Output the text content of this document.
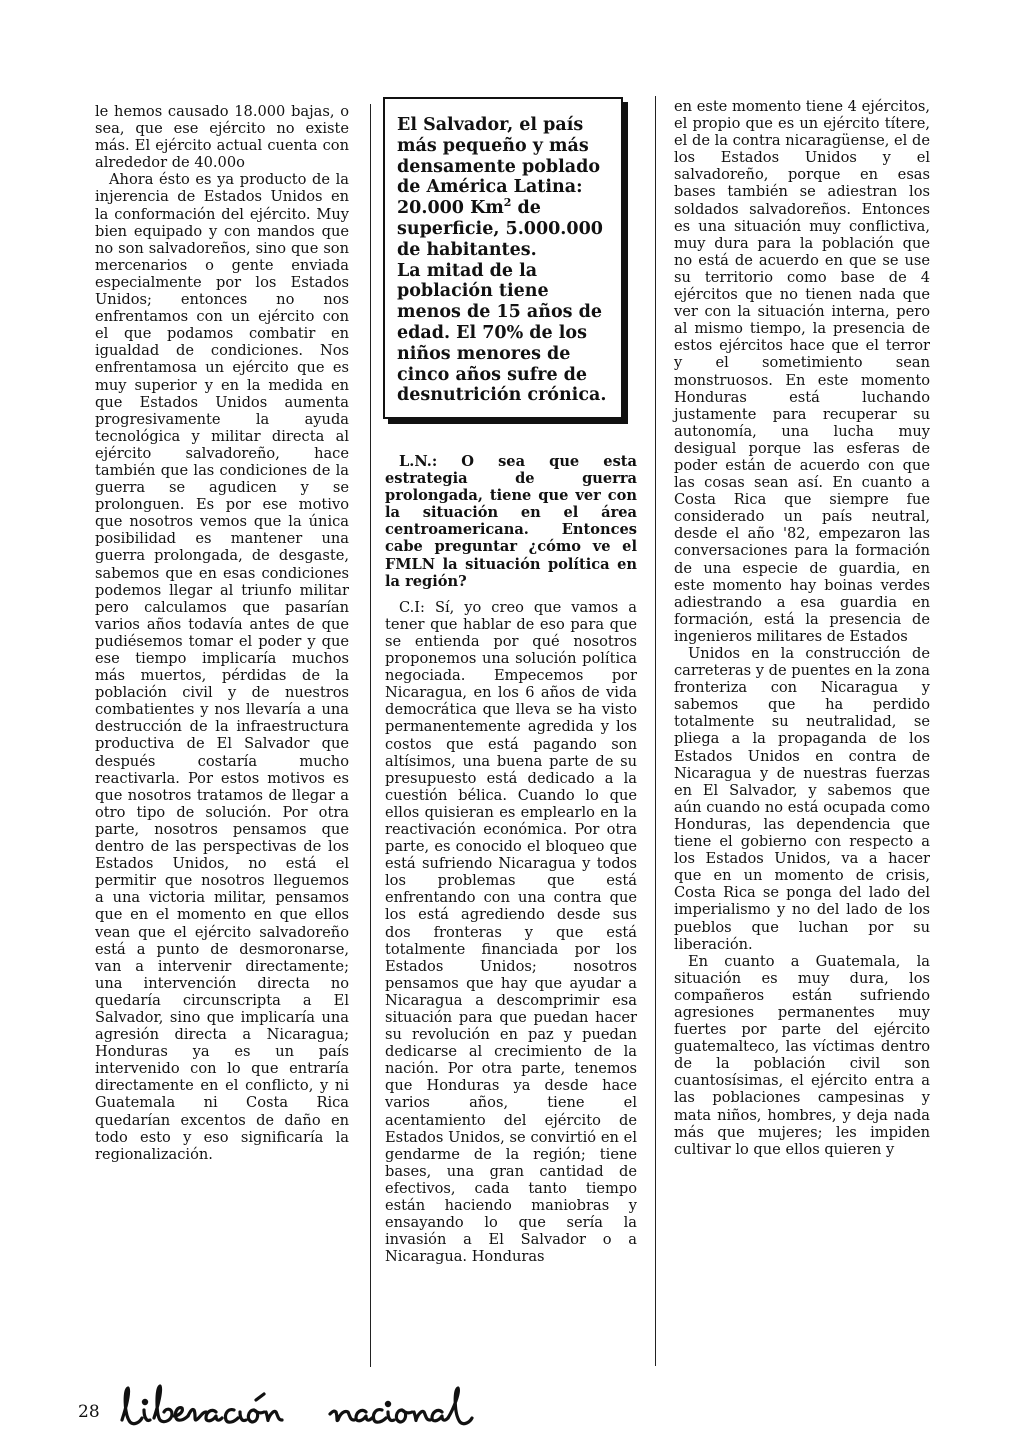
le hemos causado 18.000 bajas, o sea, que ese ejército no existe más. El ejército actual cuenta con alrededor de 40.00o

Ahora ésto es ya producto de la injerencia de Estados Unidos en la conformación del ejército. Muy bien equipado y con mandos que no son salvadoreños, sino que son mercenarios o gente enviada especialmente por los Estados Unidos; entonces no nos enfrentamos con un ejército con el que podamos combatir en igualdad de condiciones. Nos enfrentamosa un ejército que es muy superior y en la medida en que Estados Unidos aumenta progresivamente la ayuda tecnológica y militar directa al ejército salvadoreño, hace también que las condiciones de la guerra se agudicen y se prolonguen. Es por ese motivo que nosotros vemos que la única posibilidad es mantener una guerra prolongada, de desgaste, sabemos que en esas condiciones podemos llegar al triunfo militar pero calculamos que pasarían varios años todavía antes de que pudiésemos tomar el poder y que ese tiempo implicaría muchos más muertos, pérdidas de la población civil y de nuestros combatientes y nos llevaría a una destrucción de la infraestructura productiva de El Salvador que después costaría mucho reactivarla. Por estos motivos es que nosotros tratamos de llegar a otro tipo de solución. Por otra parte, nosotros pensamos que dentro de las perspectivas de los Estados Unidos, no está el permitir que nosotros lleguemos a una victoria militar, pensamos que en el momento en que ellos vean que el ejército salvadoreño está a punto de desmoronarse, van a intervenir directamente; una intervención directa no quedaría circunscripta a El Salvador, sino que implicaría una agresión directa a Nicaragua; Honduras ya es un país intervenido con lo que entraría directamente en el conflicto, y ni Guatemala ni Costa Rica quedarían excentos de daño en todo esto y eso significaría la regionalización.

El Salvador, el país más pequeño y más densamente poblado de América Latina:

20.000 Km$^2$ de superficie, 5.000.000 de habitantes.

La mitad de la población tiene menos de 15 años de edad. El 70% de los niños menores de cinco años sufre de desnutrición crónica.

L.N.: O sea que esta estrategia de guerra prolongada, tiene que ver con la situación en el área centroamericana. Entonces cabe preguntar ¿cómo ve el FMLN la situación política en la región?

C.I: Sí, yo creo que vamos a tener que hablar de eso para que se entienda por qué nosotros proponemos una solución política negociada. Empecemos por Nicaragua, en los 6 años de vida democrática que lleva se ha visto permanentemente agredida y los costos que está pagando son altísimos, una buena parte de su presupuesto está dedicado a la cuestión bélica. Cuando lo que ellos quisieran es emplearlo en la reactivación económica. Por otra parte, es conocido el bloqueo que está sufriendo Nicaragua y todos los problemas que está enfrentando con una contra que los está agrediendo desde sus dos fronteras y que está totalmente financiada por los Estados Unidos; nosotros pensamos que hay que ayudar a Nicaragua a descomprimir esa situación para que puedan hacer su revolución en paz y puedan dedicarse al crecimiento de la nación. Por otra parte, tenemos que Honduras ya desde hace varios años, tiene el acentamiento del ejército de Estados Unidos, se convirtió en el gendarme de la región; tiene bases, una gran cantidad de efectivos, cada tanto tiempo están haciendo maniobras y ensayando lo que sería la invasión a El Salvador o a Nicaragua. Honduras

en este momento tiene 4 ejércitos, el propio que es un ejército títere, el de la contra nicaragüense, el de los Estados Unidos y el salvadoreño, porque en esas bases también se adiestran los soldados salvadoreños. Entonces es una situación muy conflictiva, muy dura para la población que no está de acuerdo en que se use su territorio como base de 4 ejércitos que no tienen nada que ver con la situación interna, pero al mismo tiempo, la presencia de estos ejércitos hace que el terror y el sometimiento sean monstruosos. En este momento Honduras está luchando justamente para recuperar su autonomía, una lucha muy desigual porque las esferas de poder están de acuerdo con que las cosas sean así. En cuanto a Costa Rica que siempre fue considerado un país neutral, desde el año '82, empezaron las conversaciones para la formación de una especie de guardia, en este momento hay boinas verdes adiestrando a esa guardia en formación, está la presencia de ingenieros militares de Estados

Unidos en la construcción de carreteras y de puentes en la zona fronteriza con Nicaragua y sabemos que ha perdido totalmente su neutralidad, se pliega a la propaganda de los Estados Unidos en contra de Nicaragua y de nuestras fuerzas en El Salvador, y sabemos que aún cuando no está ocupada como Honduras, las dependencia que tiene el gobierno con respecto a los Estados Unidos, va a hacer que en un momento de crisis, Costa Rica se ponga del lado del imperialismo y no del lado de los pueblos que luchan por su liberación.

En cuanto a Guatemala, la situación es muy dura, los compañeros están sufriendo agresiones permanentes muy fuertes por parte del ejército guatemalteco, las víctimas dentro de la población civil son cuantosísimas, el ejército entra a las poblaciones campesinas y mata niños, hombres, y deja nada más que mujeres; les impiden cultivar lo que ellos quieren y

28
